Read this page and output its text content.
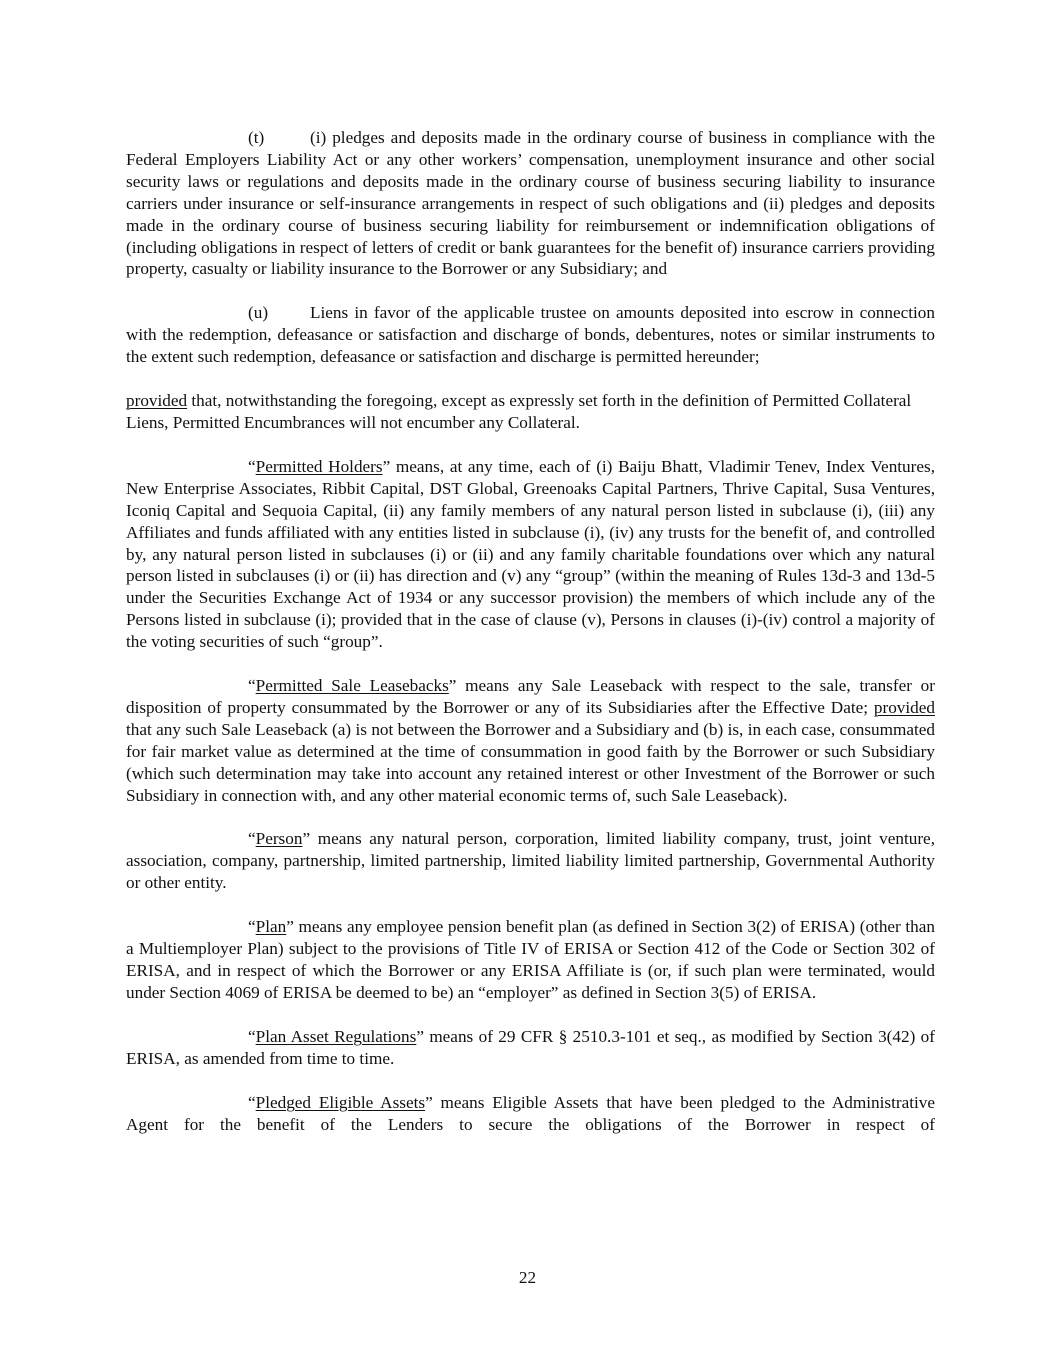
(t)	(i) pledges and deposits made in the ordinary course of business in compliance with the Federal Employers Liability Act or any other workers’ compensation, unemployment insurance and other social security laws or regulations and deposits made in the ordinary course of business securing liability to insurance carriers under insurance or self-insurance arrangements in respect of such obligations and (ii) pledges and deposits made in the ordinary course of business securing liability for reimbursement or indemnification obligations of (including obligations in respect of letters of credit or bank guarantees for the benefit of) insurance carriers providing property, casualty or liability insurance to the Borrower or any Subsidiary; and

(u) Liens in favor of the applicable trustee on amounts deposited into escrow in connection with the redemption, defeasance or satisfaction and discharge of bonds, debentures, notes or similar instruments to the extent such redemption, defeasance or satisfaction and discharge is permitted hereunder;

provided that, notwithstanding the foregoing, except as expressly set forth in the definition of Permitted Collateral Liens, Permitted Encumbrances will not encumber any Collateral.

“Permitted Holders” means, at any time, each of (i) Baiju Bhatt, Vladimir Tenev, Index Ventures, New Enterprise Associates, Ribbit Capital, DST Global, Greenoaks Capital Partners, Thrive Capital, Susa Ventures, Iconiq Capital and Sequoia Capital, (ii) any family members of any natural person listed in subclause (i), (iii) any Affiliates and funds affiliated with any entities listed in subclause (i), (iv) any trusts for the benefit of, and controlled by, any natural person listed in subclauses (i) or (ii) and any family charitable foundations over which any natural person listed in subclauses (i) or (ii) has direction and (v) any “group” (within the meaning of Rules 13d-3 and 13d-5 under the Securities Exchange Act of 1934 or any successor provision) the members of which include any of the Persons listed in subclause (i); provided that in the case of clause (v), Persons in clauses (i)-(iv) control a majority of the voting securities of such “group”.

“Permitted Sale Leasebacks” means any Sale Leaseback with respect to the sale, transfer or disposition of property consummated by the Borrower or any of its Subsidiaries after the Effective Date; provided that any such Sale Leaseback (a) is not between the Borrower and a Subsidiary and (b) is, in each case, consummated for fair market value as determined at the time of consummation in good faith by the Borrower or such Subsidiary (which such determination may take into account any retained interest or other Investment of the Borrower or such Subsidiary in connection with, and any other material economic terms of, such Sale Leaseback).

“Person” means any natural person, corporation, limited liability company, trust, joint venture, association, company, partnership, limited partnership, limited liability limited partnership, Governmental Authority or other entity.

“Plan” means any employee pension benefit plan (as defined in Section 3(2) of ERISA) (other than a Multiemployer Plan) subject to the provisions of Title IV of ERISA or Section 412 of the Code or Section 302 of ERISA, and in respect of which the Borrower or any ERISA Affiliate is (or, if such plan were terminated, would under Section 4069 of ERISA be deemed to be) an “employer” as defined in Section 3(5) of ERISA.

“Plan Asset Regulations” means of 29 CFR § 2510.3-101 et seq., as modified by Section 3(42) of ERISA, as amended from time to time.

“Pledged Eligible Assets” means Eligible Assets that have been pledged to the Administrative Agent for the benefit of the Lenders to secure the obligations of the Borrower in respect of

22
